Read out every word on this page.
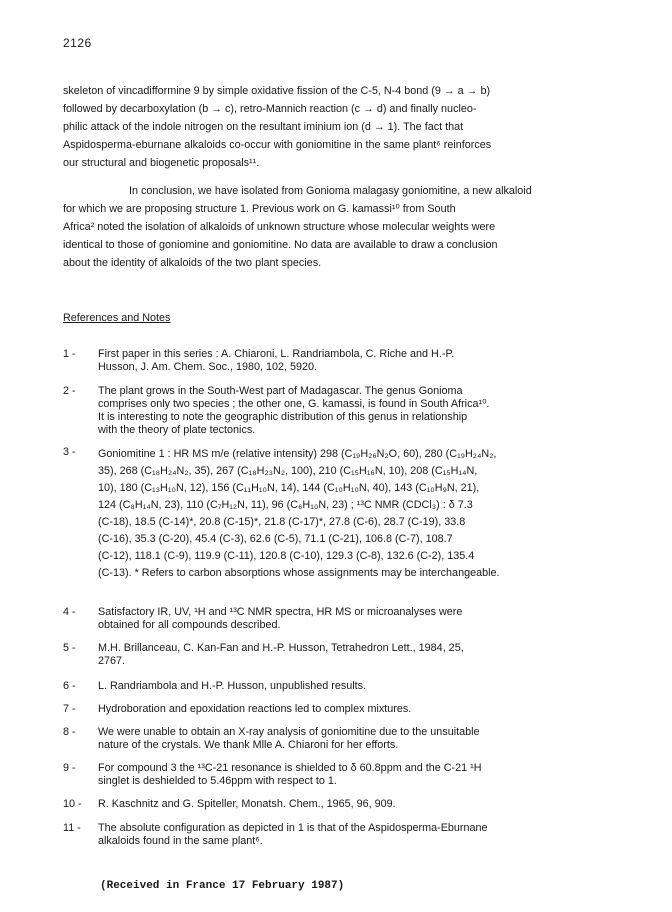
2126
skeleton of vincadifformine 9 by simple oxidative fission of the C-5, N-4 bond (9 → a → b)
followed by decarboxylation (b → c), retro-Mannich reaction (c → d) and finally nucleo-
philic attack of the indole nitrogen on the resultant iminium ion (d → 1). The fact that
Aspidosperma-eburnane alkaloids co-occur with goniomitine in the same plant⁶ reinforces
our structural and biogenetic proposals¹¹.
In conclusion, we have isolated from Gonioma malagasy goniomitine, a new alkaloid
for which we are proposing structure 1. Previous work on G. kamassi¹⁰ from South
Africa² noted the isolation of alkaloids of unknown structure whose molecular weights were
identical to those of goniomine and goniomitine. No data are available to draw a conclusion
about the identity of alkaloids of the two plant species.
References and Notes
1 -	First paper in this series : A. Chiaroni, L. Randriambola, C. Riche and H.-P.
Husson, J. Am. Chem. Soc., 1980, 102, 5920.
2 -	The plant grows in the South-West part of Madagascar. The genus Gonioma
comprises only two species ; the other one, G. kamassi, is found in South Africa¹⁰.
It is interesting to note the geographic distribution of this genus in relationship
with the theory of plate tectonics.
3 -	Goniomitine 1 : HR MS m/e (relative intensity) 298 (C₁₉H₂₆N₂O, 60), 280 (C₁₉H₂₄N₂,
35), 268 (C₁₈H₂₄N₂, 35), 267 (C₁₈H₂₃N₂, 100), 210 (C₁₅H₁₆N, 10), 208 (C₁₅H₁₄N,
10), 180 (C₁₃H₁₀N, 12), 156 (C₁₁H₁₀N, 14), 144 (C₁₀H₁₀N, 40), 143 (C₁₀H₉N, 21),
124 (C₈H₁₄N, 23), 110 (C₇H₁₂N, 11), 96 (C₆H₁₀N, 23) ; ¹³C NMR (CDCl₃) : δ 7.3
(C-18), 18.5 (C-14)*, 20.8 (C-15)*, 21.8 (C-17)*, 27.8 (C-6), 28.7 (C-19), 33.8
(C-16), 35.3 (C-20), 45.4 (C-3), 62.6 (C-5), 71.1 (C-21), 106.8 (C-7), 108.7
(C-12), 118.1 (C-9), 119.9 (C-11), 120.8 (C-10), 129.3 (C-8), 132.6 (C-2), 135.4
(C-13). * Refers to carbon absorptions whose assignments may be interchangeable.
4 -	Satisfactory IR, UV, ¹H and ¹³C NMR spectra, HR MS or microanalyses were
obtained for all compounds described.
5 -	M.H. Brillanceau, C. Kan-Fan and H.-P. Husson, Tetrahedron Lett., 1984, 25,
2767.
6 -	L. Randriambola and H.-P. Husson, unpublished results.
7 -	Hydroboration and epoxidation reactions led to complex mixtures.
8 -	We were unable to obtain an X-ray analysis of goniomitine due to the unsuitable
nature of the crystals. We thank Mlle A. Chiaroni for her efforts.
9 -	For compound 3 the ¹³C-21 resonance is shielded to δ 60.8ppm and the C-21 ¹H
singlet is deshielded to 5.46ppm with respect to 1.
10 -	R. Kaschnitz and G. Spiteller, Monatsh. Chem., 1965, 96, 909.
11 -	The absolute configuration as depicted in 1 is that of the Aspidosperma-Eburnane
alkaloids found in the same plant⁶.
(Received in France 17 February 1987)
